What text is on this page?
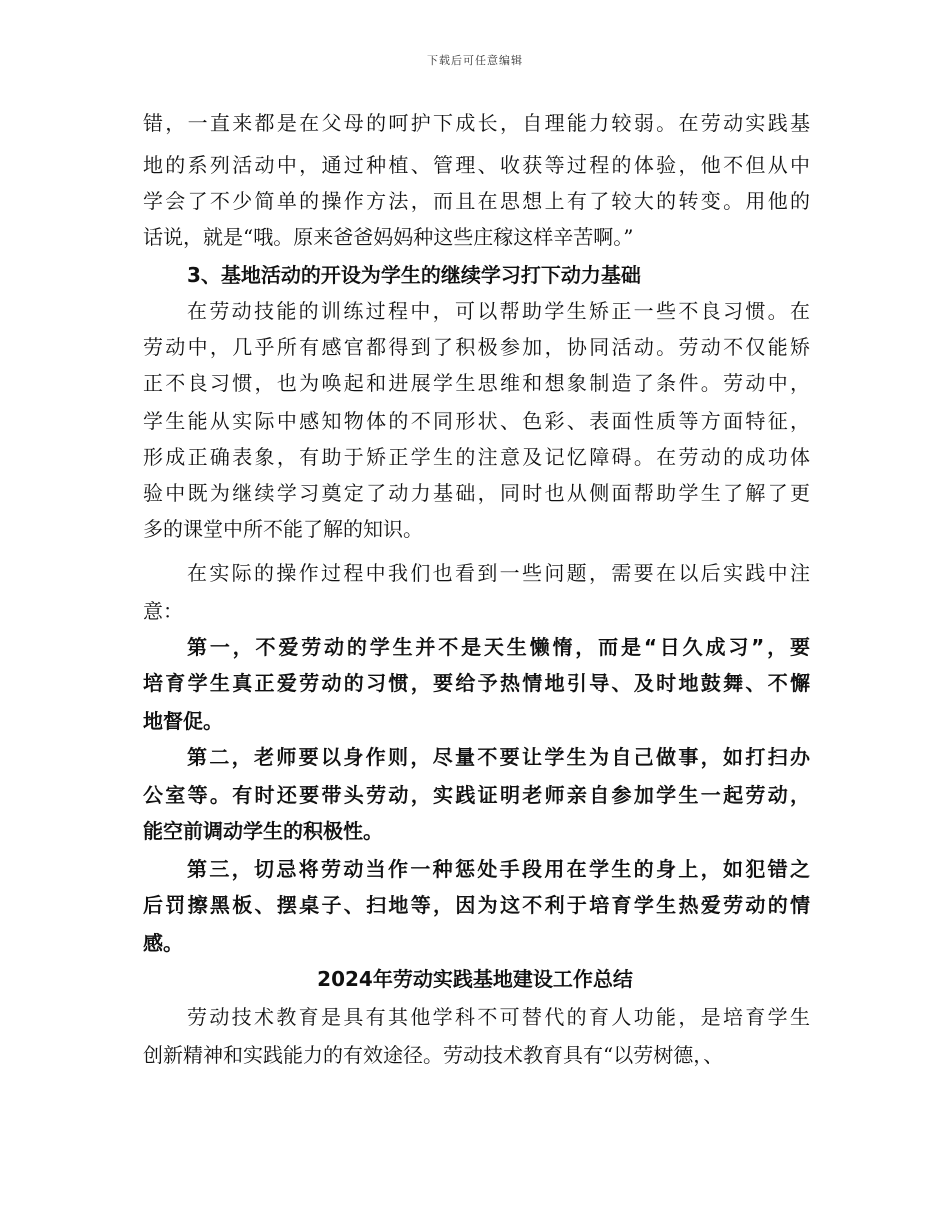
下载后可任意编辑
错，一直来都是在父母的呵护下成长，自理能力较弱。在劳动实践基
地的系列活动中，通过种植、管理、收获等过程的体验，他不但从中
学会了不少简单的操作方法，而且在思想上有了较大的转变。用他的
话说，就是“哦。原来爸爸妈妈种这些庄稼这样辛苦啊。”
3、基地活动的开设为学生的继续学习打下动力基础
在劳动技能的训练过程中，可以帮助学生矫正一些不良习惯。在
劳动中，几乎所有感官都得到了积极参加，协同活动。劳动不仅能矫
正不良习惯，也为唤起和进展学生思维和想象制造了条件。劳动中，
学生能从实际中感知物体的不同形状、色彩、表面性质等方面特征，
形成正确表象，有助于矫正学生的注意及记忆障碍。在劳动的成功体
验中既为继续学习奠定了动力基础，同时也从侧面帮助学生了解了更
多的课堂中所不能了解的知识。
在实际的操作过程中我们也看到一些问题，需要在以后实践中注
意：
第一，不爱劳动的学生并不是天生懒惰，而是“日久成习”，要
培育学生真正爱劳动的习惯，要给予热情地引导、及时地鼓舞、不懈
地督促。
第二，老师要以身作则，尽量不要让学生为自己做事，如打扫办
公室等。有时还要带头劳动，实践证明老师亲自参加学生一起劳动，
能空前调动学生的积极性。
第三，切忌将劳动当作一种惩处手段用在学生的身上，如犯错之
后罚擦黑板、摆桌子、扫地等，因为这不利于培育学生热爱劳动的情
感。
2024年劳动实践基地建设工作总结
劳动技术教育是具有其他学科不可替代的育人功能，是培育学生
创新精神和实践能力的有效途径。劳动技术教育具有“以劳树德，、
